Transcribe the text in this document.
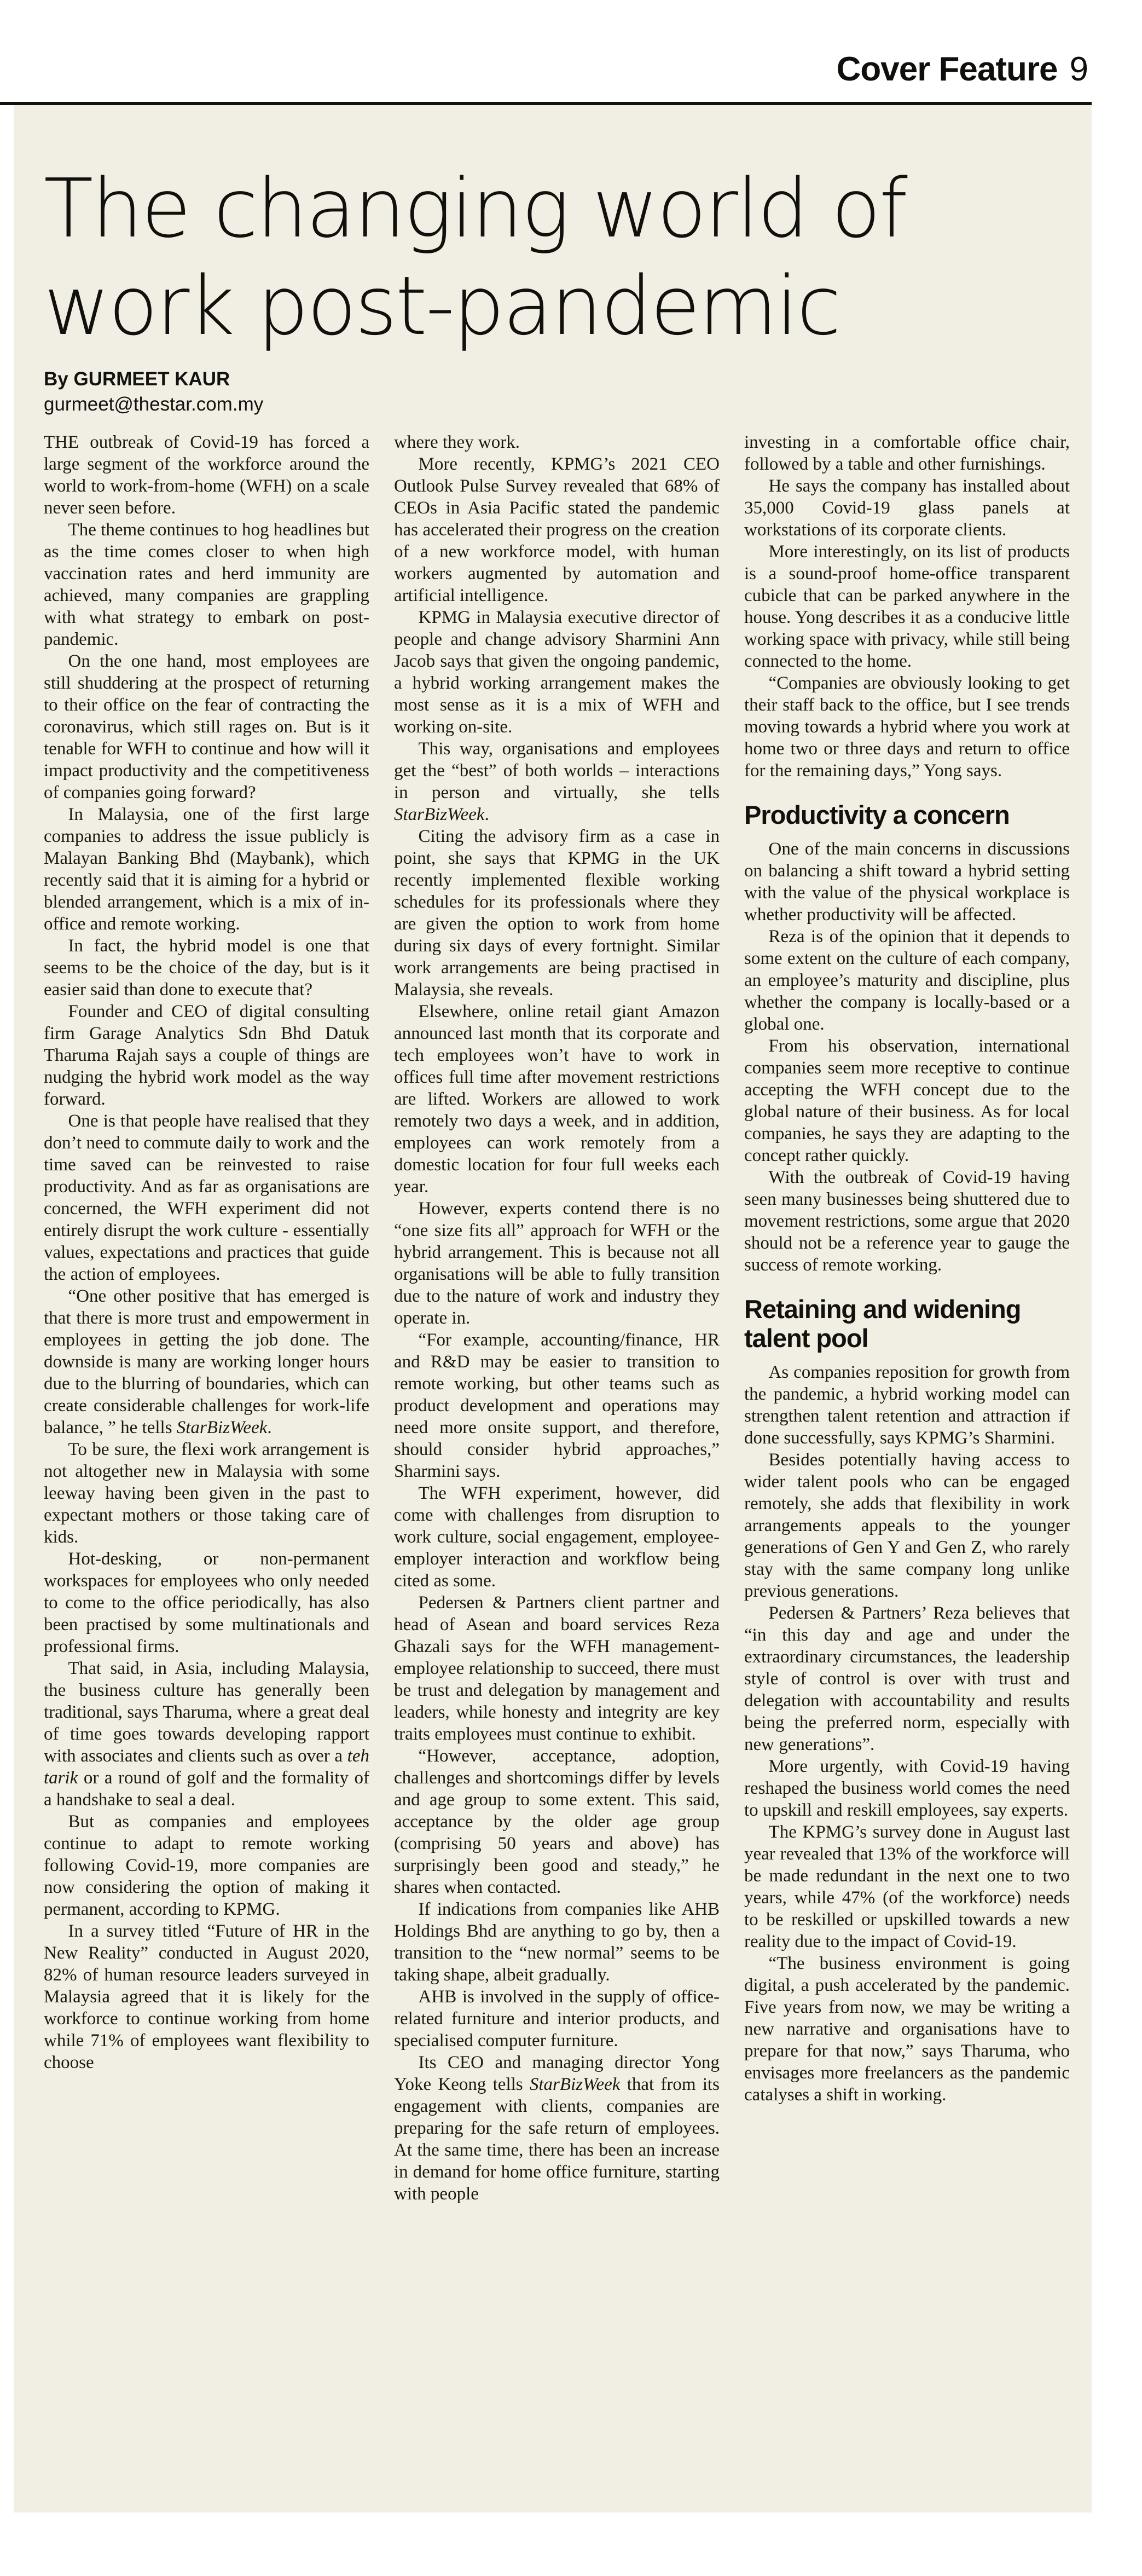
Cover Feature 9
The changing world of
work post-pandemic
By GURMEET KAUR
gurmeet@thestar.com.my

THE outbreak of Covid-19 has forced a large segment of the workforce around the world to work-from-home (WFH) on a scale never seen before.

The theme continues to hog headlines but as the time comes closer to when high vaccination rates and herd immunity are achieved, many companies are grappling with what strategy to embark on post-pandemic.

On the one hand, most employees are still shuddering at the prospect of returning to their office on the fear of contracting the coronavirus, which still rages on. But is it tenable for WFH to continue and how will it impact productivity and the competitiveness of companies going forward?

In Malaysia, one of the first large companies to address the issue publicly is Malayan Banking Bhd (Maybank), which recently said that it is aiming for a hybrid or blended arrangement, which is a mix of in-office and remote working.

In fact, the hybrid model is one that seems to be the choice of the day, but is it easier said than done to execute that?

Founder and CEO of digital consulting firm Garage Analytics Sdn Bhd Datuk Tharuma Rajah says a couple of things are nudging the hybrid work model as the way forward.

One is that people have realised that they don’t need to commute daily to work and the time saved can be reinvested to raise productivity. And as far as organisations are concerned, the WFH experiment did not entirely disrupt the work culture - essentially values, expectations and practices that guide the action of employees.

“One other positive that has emerged is that there is more trust and empowerment in employees in getting the job done. The downside is many are working longer hours due to the blurring of boundaries, which can create considerable challenges for work-life balance, ” he tells StarBizWeek.

To be sure, the flexi work arrangement is not altogether new in Malaysia with some leeway having been given in the past to expectant mothers or those taking care of kids.

Hot-desking, or non-permanent workspaces for employees who only needed to come to the office periodically, has also been practised by some multinationals and professional firms.

That said, in Asia, including Malaysia, the business culture has generally been traditional, says Tharuma, where a great deal of time goes towards developing rapport with associates and clients such as over a teh tarik or a round of golf and the formality of a handshake to seal a deal.

But as companies and employees continue to adapt to remote working following Covid-19, more companies are now considering the option of making it permanent, according to KPMG.

In a survey titled “Future of HR in the New Reality” conducted in August 2020, 82% of human resource leaders surveyed in Malaysia agreed that it is likely for the workforce to continue working from home while 71% of employees want flexibility to choose

where they work.

More recently, KPMG’s 2021 CEO Outlook Pulse Survey revealed that 68% of CEOs in Asia Pacific stated the pandemic has accelerated their progress on the creation of a new workforce model, with human workers augmented by automation and artificial intelligence.

KPMG in Malaysia executive director of people and change advisory Sharmini Ann Jacob says that given the ongoing pandemic, a hybrid working arrangement makes the most sense as it is a mix of WFH and working on-site.

This way, organisations and employees get the “best” of both worlds – interactions in person and virtually, she tells StarBizWeek.

Citing the advisory firm as a case in point, she says that KPMG in the UK recently implemented flexible working schedules for its professionals where they are given the option to work from home during six days of every fortnight. Similar work arrangements are being practised in Malaysia, she reveals.

Elsewhere, online retail giant Amazon announced last month that its corporate and tech employees won’t have to work in offices full time after movement restrictions are lifted. Workers are allowed to work remotely two days a week, and in addition, employees can work remotely from a domestic location for four full weeks each year.

However, experts contend there is no “one size fits all” approach for WFH or the hybrid arrangement. This is because not all organisations will be able to fully transition due to the nature of work and industry they operate in.

“For example, accounting/finance, HR and R&D may be easier to transition to remote working, but other teams such as product development and operations may need more onsite support, and therefore, should consider hybrid approaches,” Sharmini says.

The WFH experiment, however, did come with challenges from disruption to work culture, social engagement, employee-employer interaction and workflow being cited as some.

Pedersen & Partners client partner and head of Asean and board services Reza Ghazali says for the WFH management-employee relationship to succeed, there must be trust and delegation by management and leaders, while honesty and integrity are key traits employees must continue to exhibit.

“However, acceptance, adoption, challenges and shortcomings differ by levels and age group to some extent. This said, acceptance by the older age group (comprising 50 years and above) has surprisingly been good and steady,” he shares when contacted.

If indications from companies like AHB Holdings Bhd are anything to go by, then a transition to the “new normal” seems to be taking shape, albeit gradually.

AHB is involved in the supply of office-related furniture and interior products, and specialised computer furniture.

Its CEO and managing director Yong Yoke Keong tells StarBizWeek that from its engagement with clients, companies are preparing for the safe return of employees. At the same time, there has been an increase in demand for home office furniture, starting with people

investing in a comfortable office chair, followed by a table and other furnishings.

He says the company has installed about 35,000 Covid-19 glass panels at workstations of its corporate clients.

More interestingly, on its list of products is a sound-proof home-office transparent cubicle that can be parked anywhere in the house. Yong describes it as a conducive little working space with privacy, while still being connected to the home.

“Companies are obviously looking to get their staff back to the office, but I see trends moving towards a hybrid where you work at home two or three days and return to office for the remaining days,” Yong says.

Productivity a concern

One of the main concerns in discussions on balancing a shift toward a hybrid setting with the value of the physical workplace is whether productivity will be affected.

Reza is of the opinion that it depends to some extent on the culture of each company, an employee’s maturity and discipline, plus whether the company is locally-based or a global one.

From his observation, international companies seem more receptive to continue accepting the WFH concept due to the global nature of their business. As for local companies, he says they are adapting to the concept rather quickly.

With the outbreak of Covid-19 having seen many businesses being shuttered due to movement restrictions, some argue that 2020 should not be a reference year to gauge the success of remote working.

Retaining and widening talent pool

As companies reposition for growth from the pandemic, a hybrid working model can strengthen talent retention and attraction if done successfully, says KPMG’s Sharmini.

Besides potentially having access to wider talent pools who can be engaged remotely, she adds that flexibility in work arrangements appeals to the younger generations of Gen Y and Gen Z, who rarely stay with the same company long unlike previous generations.

Pedersen & Partners’ Reza believes that “in this day and age and under the extraordinary circumstances, the leadership style of control is over with trust and delegation with accountability and results being the preferred norm, especially with new generations”.

More urgently, with Covid-19 having reshaped the business world comes the need to upskill and reskill employees, say experts.

The KPMG’s survey done in August last year revealed that 13% of the workforce will be made redundant in the next one to two years, while 47% (of the workforce) needs to be reskilled or upskilled towards a new reality due to the impact of Covid-19.

“The business environment is going digital, a push accelerated by the pandemic. Five years from now, we may be writing a new narrative and organisations have to prepare for that now,” says Tharuma, who envisages more freelancers as the pandemic catalyses a shift in working.
